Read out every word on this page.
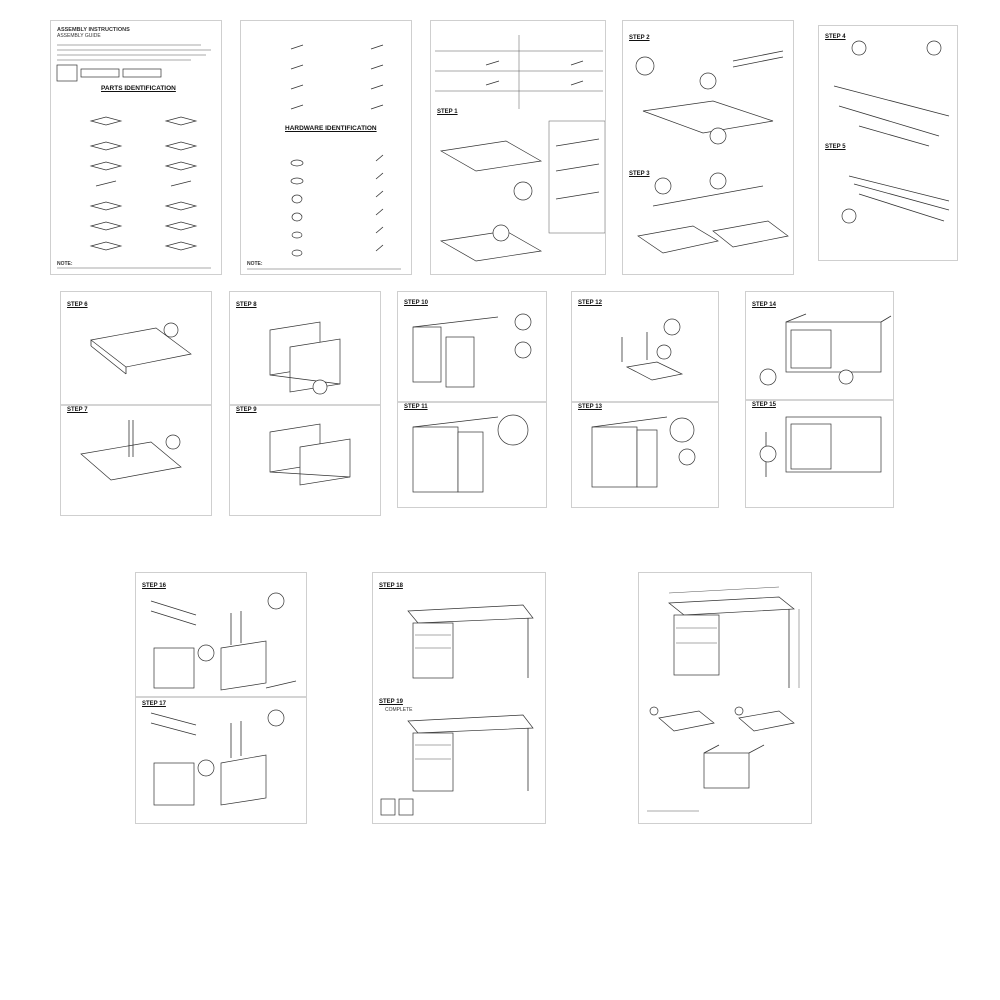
ASSEMBLY INSTRUCTIONS
ASSEMBLY GUIDE
PARTS IDENTIFICATION
NOTE:
HARDWARE IDENTIFICATION
NOTE:
STEP 1
STEP 2
STEP 3
STEP 4
STEP 5
STEP 6
STEP 7
STEP 8
STEP 9
STEP 10
STEP 11
STEP 12
STEP 13
STEP 14
STEP 15
STEP 16
STEP 17
STEP 18
STEP 19
COMPLETE
